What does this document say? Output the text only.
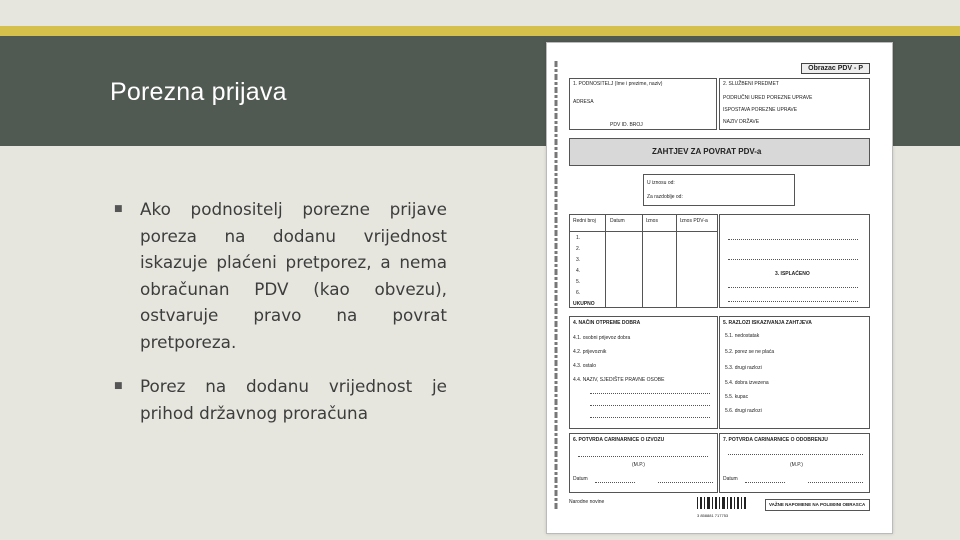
Porezna prijava
■	Ako podnositelj porezne prijave poreza na dodanu vrijednost iskazuje plaćeni pretporez, a nema obračunan PDV (kao obvezu), ostvaruje pravo na povrat pretporeza.
■	Porez na dodanu vrijednost je prihod državnog proračuna
Obrazac PDV - P
1. PODNOSITELJ (Ime i prezime, naziv)
ADRESA
PDV ID. BROJ
2. SLUŽBENI PREDMET
PODRUČNI URED POREZNE UPRAVE
ISPOSTAVA POREZNE UPRAVE
NAZIV DRŽAVE
ZAHTJEV ZA POVRAT PDV-a
U iznosu od:
Za razdoblje od:
Redni broj	Datum	Iznos	Iznos PDV-a
1.
2.
3.
4.
5.
6.
UKUPNO
3. ISPLAĆENO
4. NAČIN OTPREME DOBRA
4.1. osobni prijevoz dobra
4.2. prijevoznik
4.3. ostalo
4.4. NAZIV, SJEDIŠTE PRAVNE OSOBE
5. RAZLOZI ISKAZIVANJA ZAHTJEVA
5.1. nedostatak
5.2. porez se ne plaća
5.3. drugi razlozi
5.4. dobra izvezena
5.5. kupac
5.6. drugi razlozi
6. POTVRDA CARINARNICE O IZVOZU
(M.P.)
Datum
7. POTVRDA CARINARNICE O ODOBRENJU
(M.P.)
Datum
Narodne novine
3 858881 717753
VAŽNE NAPOMENE NA POLEĐINI OBRASCA
